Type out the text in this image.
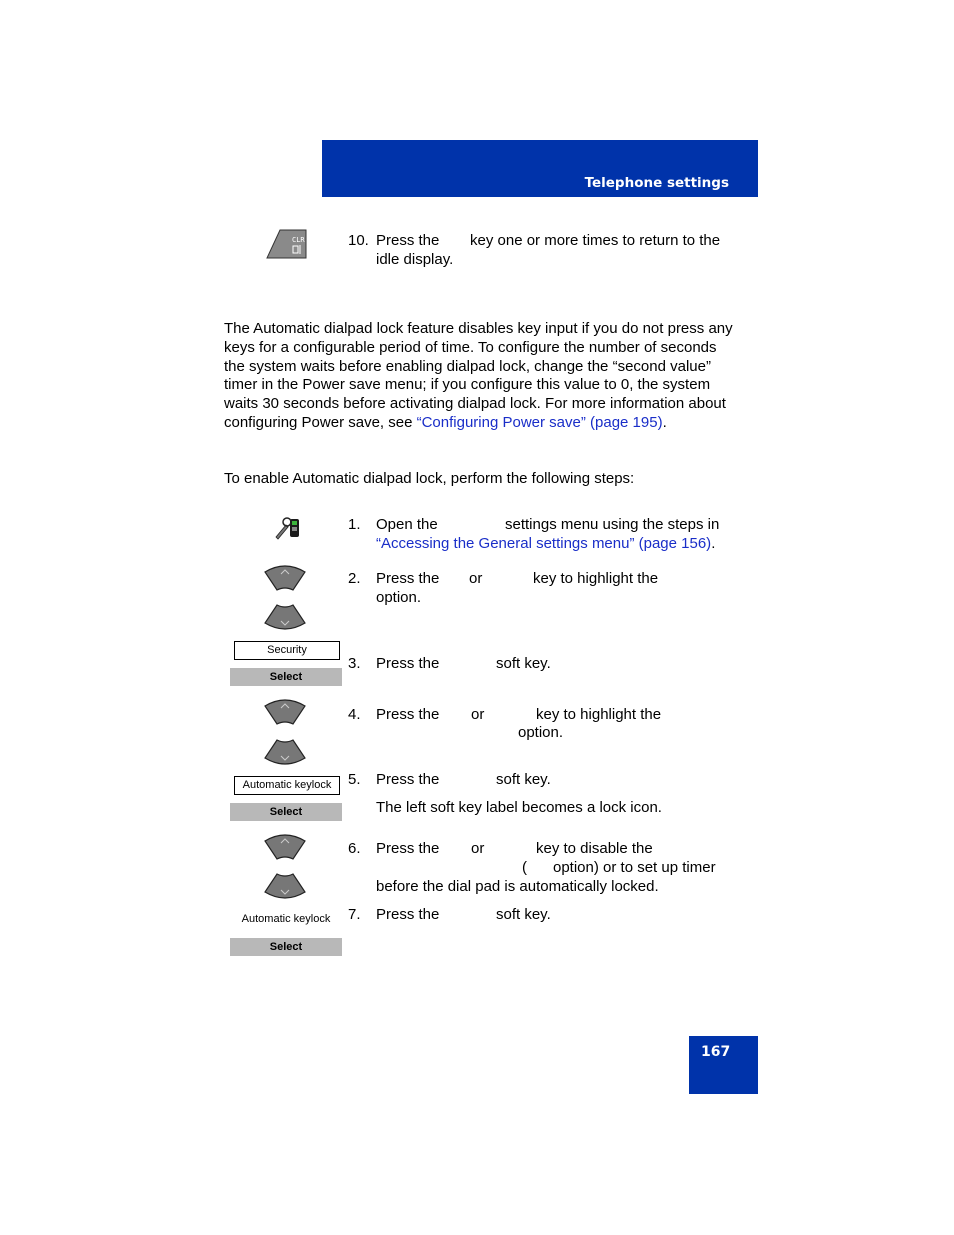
Telephone settings
CLR	10. Press the key one or more times to return to the
idle display.
The Automatic dialpad lock feature disables key input if you do not press any keys for a configurable period of time. To configure the number of seconds the system waits before enabling dialpad lock, change the “second value” timer in the Power save menu; if you configure this value to 0, the system waits 30 seconds before activating dialpad lock. For more information about configuring Power save, see “Configuring Power save” (page 195).
To enable Automatic dialpad lock, perform the following steps:
1. Open the	settings menu using the steps in
“Accessing the General settings menu” (page 156).
2. Press the or	key to highlight the
option.
Security
Select
3. Press the	soft key.
4. Press the or	key to highlight the
option.
Automatic keylock
Select
5. Press the	soft key.
The left soft key label becomes a lock icon.
6. Press the or	key to disable the
( option) or to set up timer
before the dial pad is automatically locked.
Automatic keylock
Select
7. Press the	soft key.
167
